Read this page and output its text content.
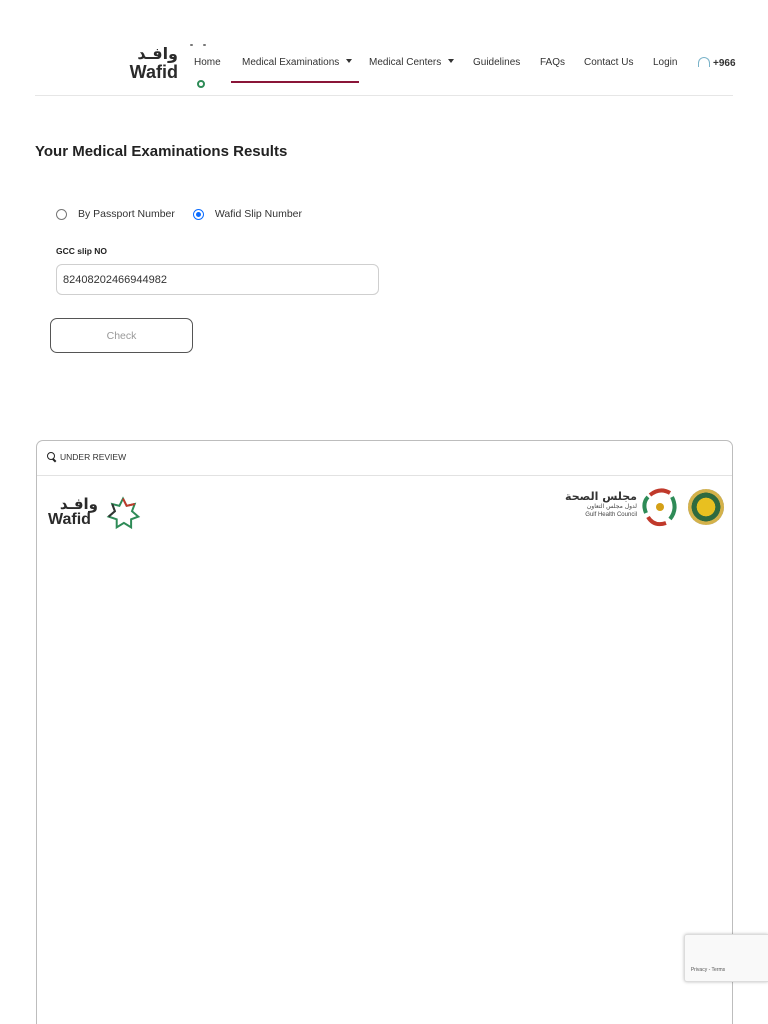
وافـد
Wafid Home Medical Examinations	Medical Centers	Guidelines FAQs Contact Us Login	+966
Your Medical Examinations Results
By Passport Number	Wafid Slip Number
GCC slip NO
82408202466944982
Check
UNDER REVIEW
وافـد
Wafid
مجلس الصحة
لدول مجلس التعاون
Gulf Health Council
Privacy - Terms
